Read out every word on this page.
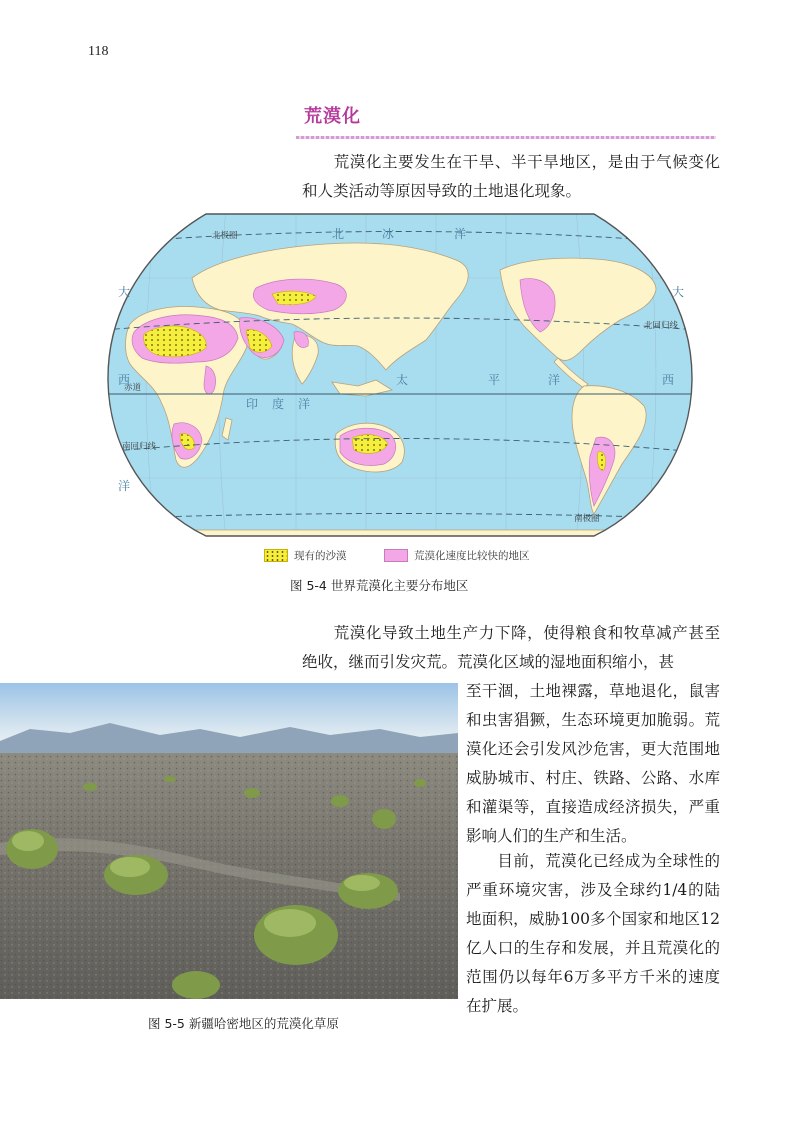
118
荒漠化

荒漠化主要发生在干旱、半干旱地区，是由于气候变化和人类活动等原因导致的土地退化现象。

北极圈
北回归线
赤道
南回归线
南极圈
北	冰	洋
太	平	洋
印 度 洋
大
西
洋
大
西
现有的沙漠	荒漠化速度比较快的地区
图 5-4 世界荒漠化主要分布地区

荒漠化导致土地生产力下降，使得粮食和牧草减产甚至绝收，继而引发灾荒。荒漠化区域的湿地面积缩小，甚

至干涸，土地裸露，草地退化，鼠害和虫害猖獗，生态环境更加脆弱。荒漠化还会引发风沙危害，更大范围地威胁城市、村庄、铁路、公路、水库和灌渠等，直接造成经济损失，严重影响人们的生产和生活。

目前，荒漠化已经成为全球性的严重环境灾害，涉及全球约1/4的陆地面积，威胁100多个国家和地区12亿人口的生存和发展，并且荒漠化的范围仍以每年6万多平方千米的速度在扩展。

图 5-5 新疆哈密地区的荒漠化草原
